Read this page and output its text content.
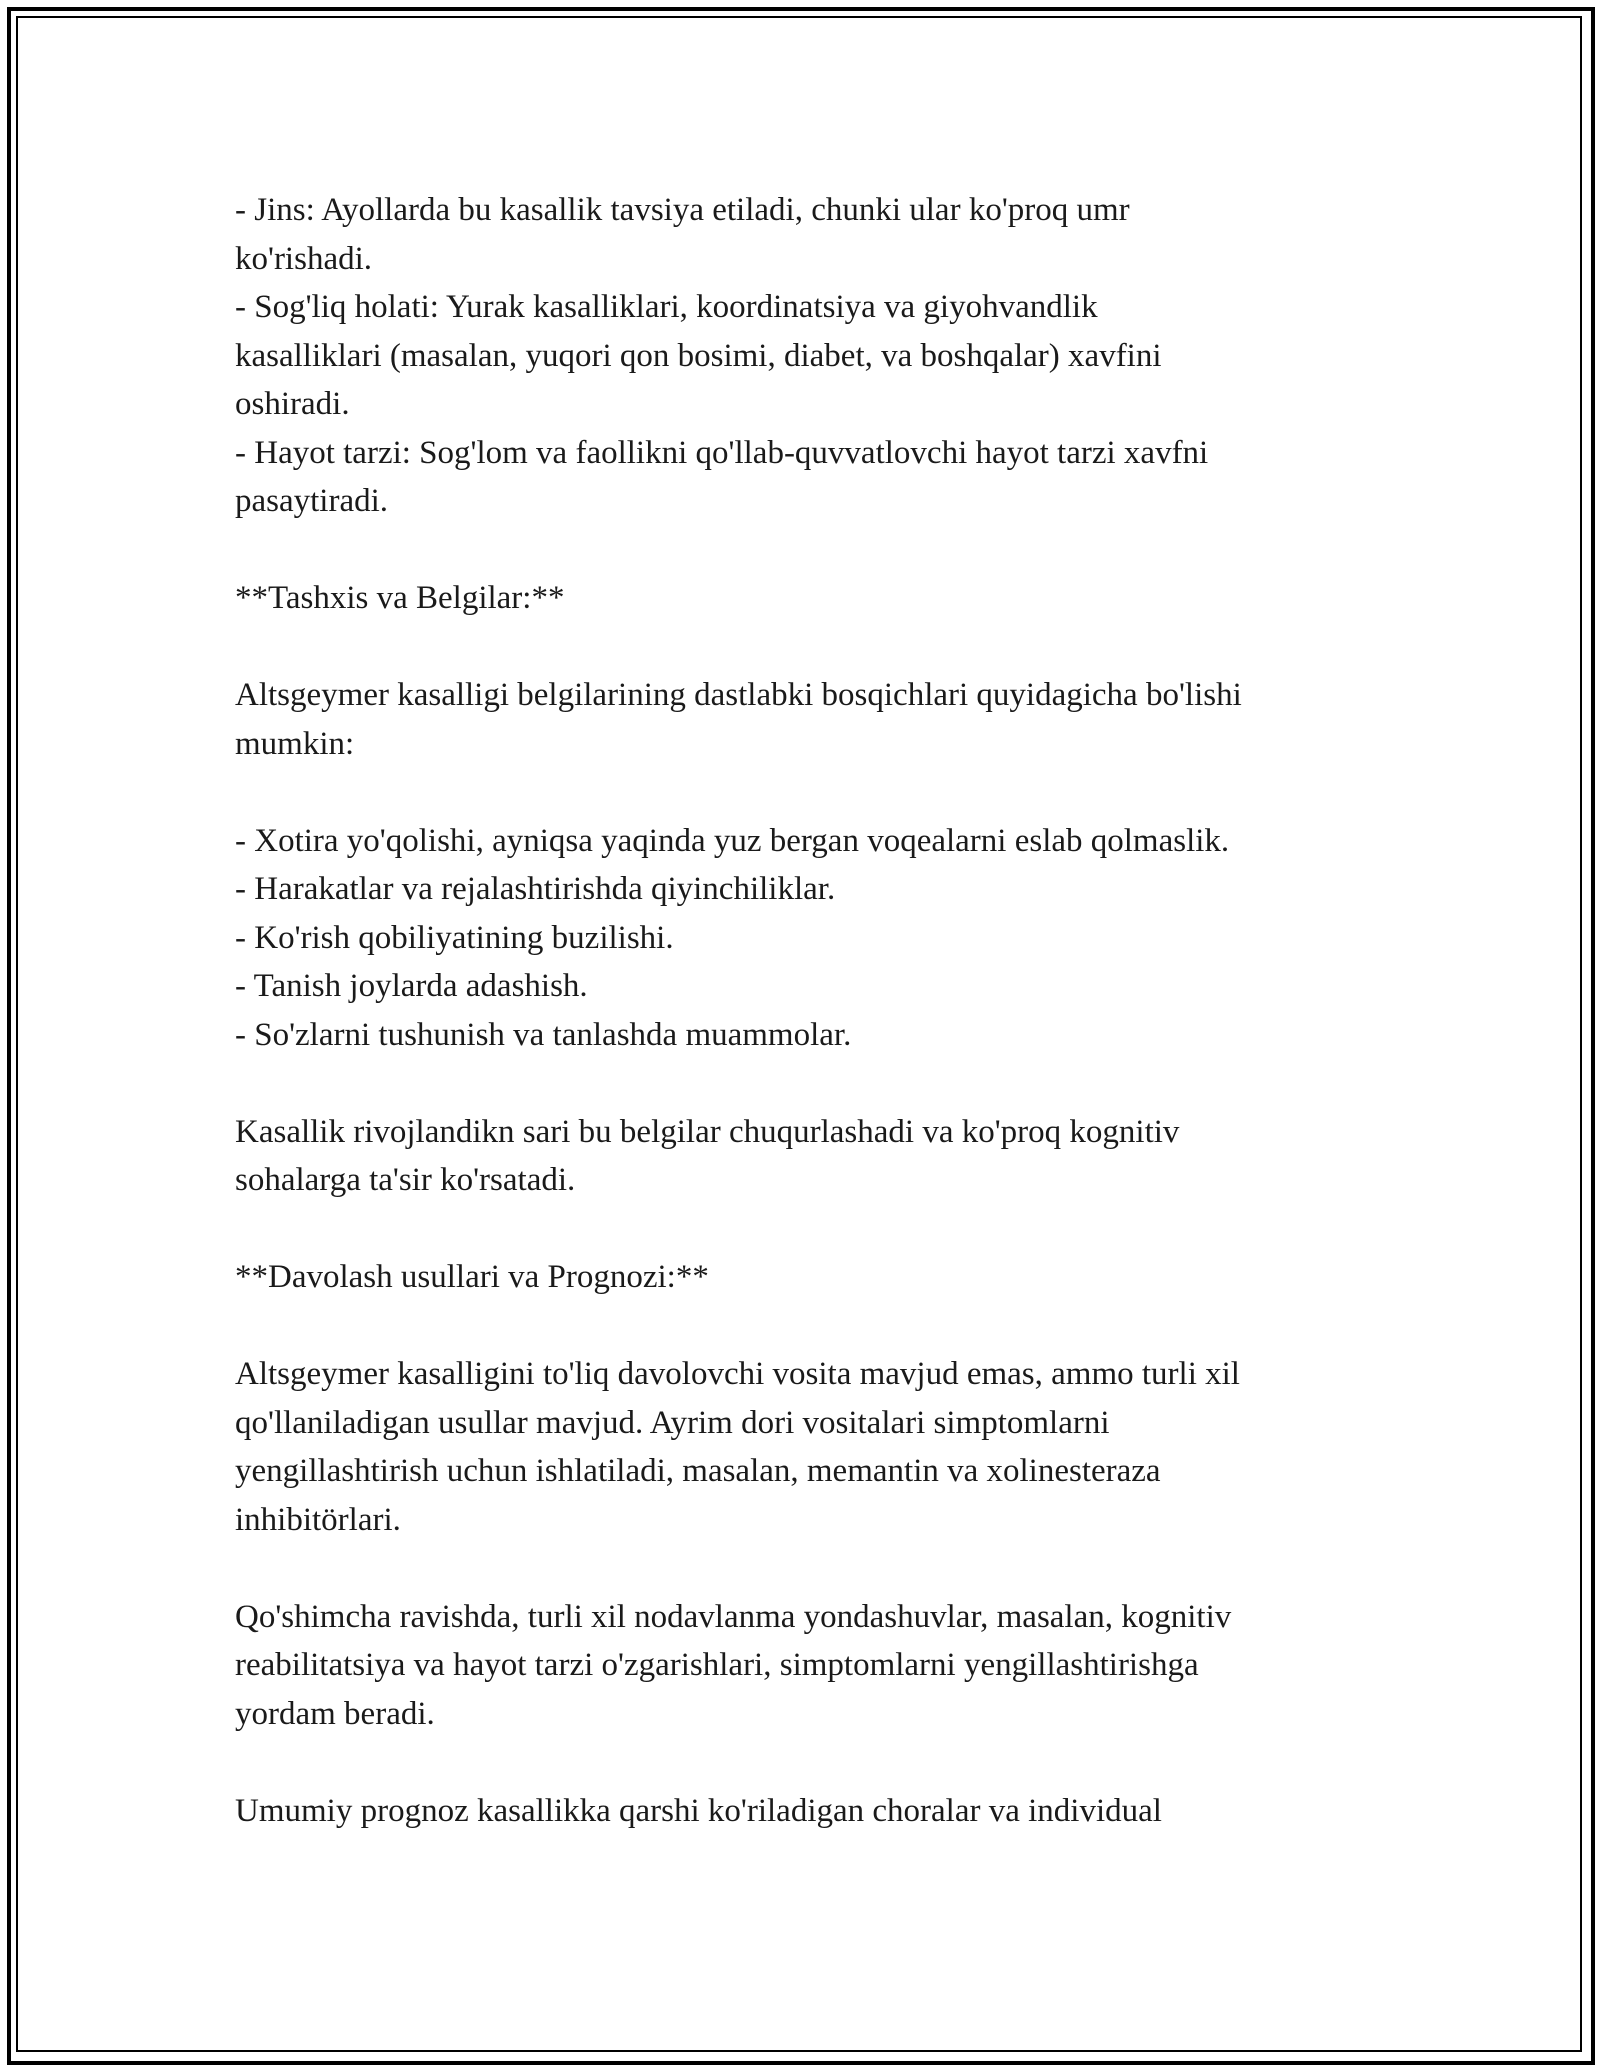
- Jins: Ayollarda bu kasallik tavsiya etiladi, chunki ular ko'proq umr
ko'rishadi.
- Sog'liq holati: Yurak kasalliklari, koordinatsiya va giyohvandlik
kasalliklari (masalan, yuqori qon bosimi, diabet, va boshqalar) xavfini
oshiradi.
- Hayot tarzi: Sog'lom va faollikni qo'llab-quvvatlovchi hayot tarzi xavfni
pasaytiradi.
**Tashxis va Belgilar:**
Altsgeymer kasalligi belgilarining dastlabki bosqichlari quyidagicha bo'lishi
mumkin:
- Xotira yo'qolishi, ayniqsa yaqinda yuz bergan voqealarni eslab qolmaslik.
- Harakatlar va rejalashtirishda qiyinchiliklar.
- Ko'rish qobiliyatining buzilishi.
- Tanish joylarda adashish.
- So'zlarni tushunish va tanlashda muammolar.
Kasallik rivojlandikn sari bu belgilar chuqurlashadi va ko'proq kognitiv
sohalarga ta'sir ko'rsatadi.
**Davolash usullari va Prognozi:**
Altsgeymer kasalligini to'liq davolovchi vosita mavjud emas, ammo turli xil
qo'llaniladigan usullar mavjud. Ayrim dori vositalari simptomlarni
yengillashtirish uchun ishlatiladi, masalan, memantin va xolinesteraza
inhibitörlari.
Qo'shimcha ravishda, turli xil nodavlanma yondashuvlar, masalan, kognitiv
reabilitatsiya va hayot tarzi o'zgarishlari, simptomlarni yengillashtirishga
yordam beradi.
Umumiy prognoz kasallikka qarshi ko'riladigan choralar va individual
